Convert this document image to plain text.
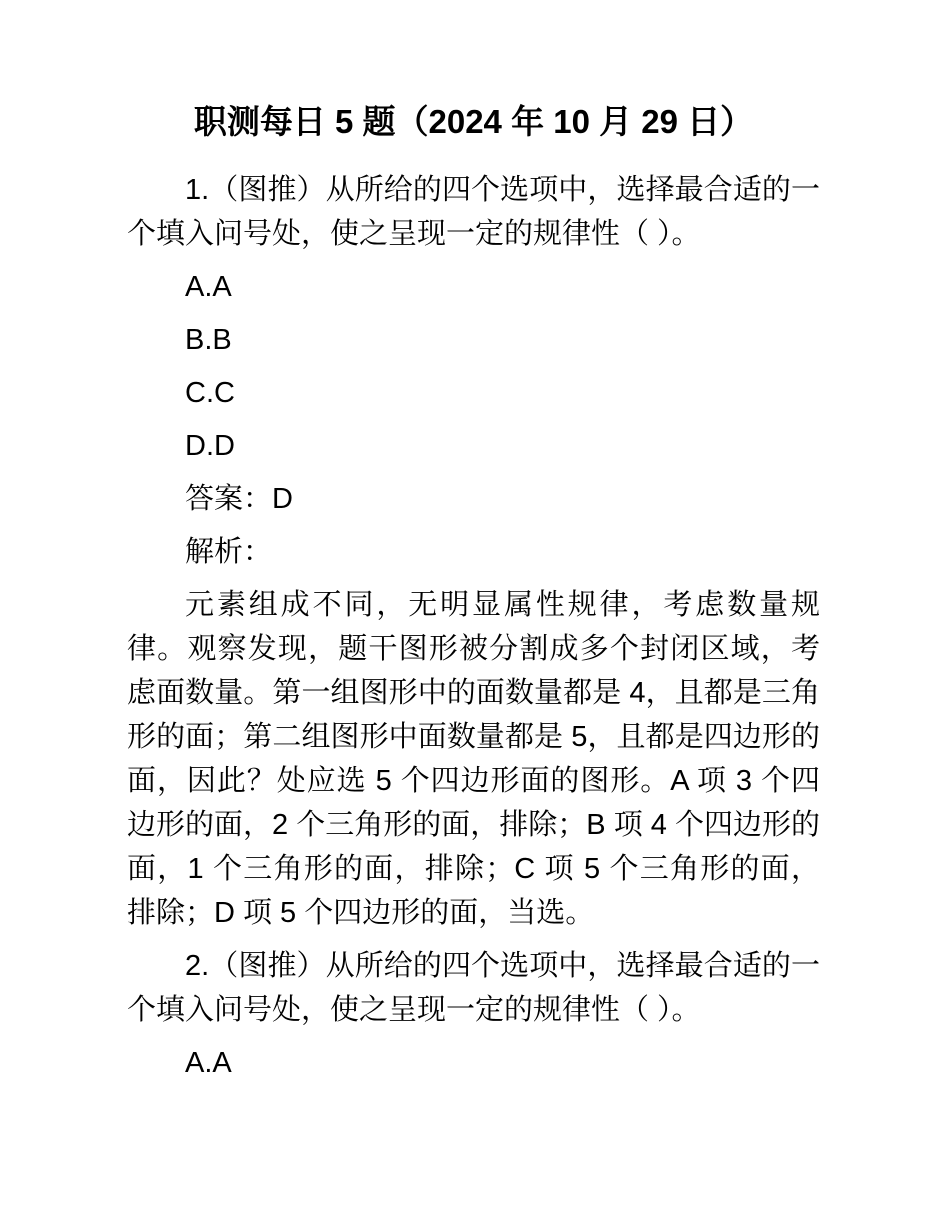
职测每日 5 题（2024 年 10 月 29 日）

1.（图推）从所给的四个选项中，选择最合适的一个填入问号处，使之呈现一定的规律性（ ）。

A.A

B.B

C.C

D.D

答案：D

解析：

元素组成不同，无明显属性规律，考虑数量规律。观察发现，题干图形被分割成多个封闭区域，考虑面数量。第一组图形中的面数量都是 4，且都是三角形的面；第二组图形中面数量都是 5，且都是四边形的面，因此？处应选 5 个四边形面的图形。A 项 3 个四边形的面，2 个三角形的面，排除；B 项 4 个四边形的面，1 个三角形的面，排除；C 项 5 个三角形的面，排除；D 项 5 个四边形的面，当选。

2.（图推）从所给的四个选项中，选择最合适的一个填入问号处，使之呈现一定的规律性（ ）。

A.A
